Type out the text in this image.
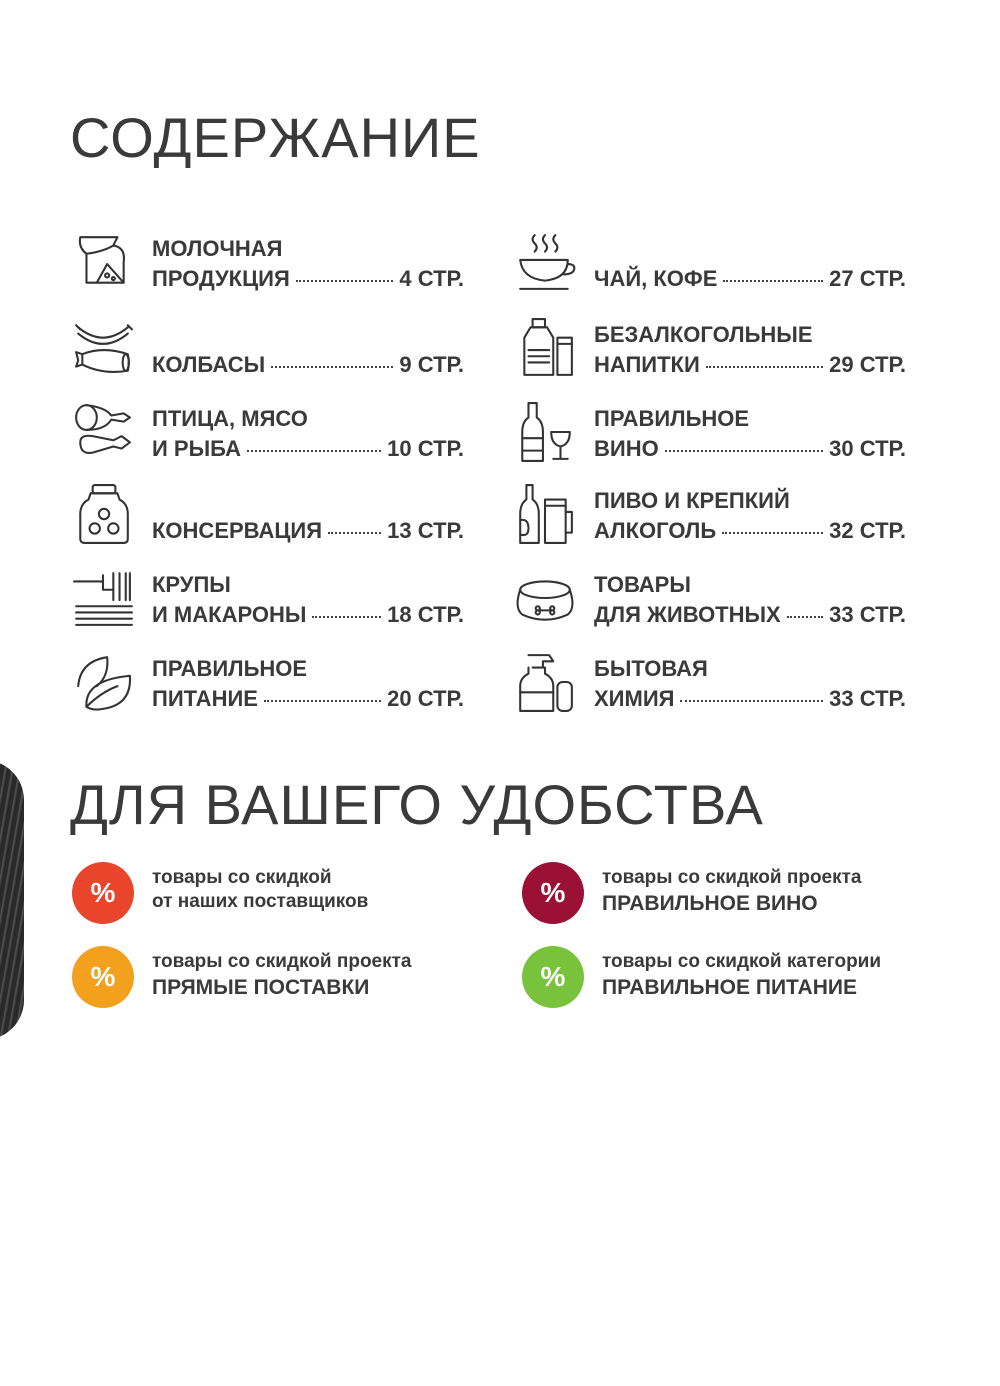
СОДЕРЖАНИЕ
МОЛОЧНАЯ
ПРОДУКЦИЯ	4 СТР.
КОЛБАСЫ	9 СТР.
ПТИЦА, МЯСО
И РЫБА	10 СТР.
КОНСЕРВАЦИЯ	13 СТР.
КРУПЫ
И МАКАРОНЫ	18 СТР.
ПРАВИЛЬНОЕ
ПИТАНИЕ	20 СТР.
ЧАЙ, КОФЕ	27 СТР.
БЕЗАЛКОГОЛЬНЫЕ
НАПИТКИ	29 СТР.
ПРАВИЛЬНОЕ
ВИНО	30 СТР.
ПИВО И КРЕПКИЙ
АЛКОГОЛЬ	32 СТР.
ТОВАРЫ
ДЛЯ ЖИВОТНЫХ 33 СТР.
БЫТОВАЯ
ХИМИЯ	33 СТР.
ДЛЯ ВАШЕГО УДОБСТВА
%	товары со скидкой
от наших поставщиков
%	товары со скидкой проекта
ПРЯМЫЕ ПОСТАВКИ
%	товары со скидкой проекта
ПРАВИЛЬНОЕ ВИНО
%	товары со скидкой категории
ПРАВИЛЬНОЕ ПИТАНИЕ
